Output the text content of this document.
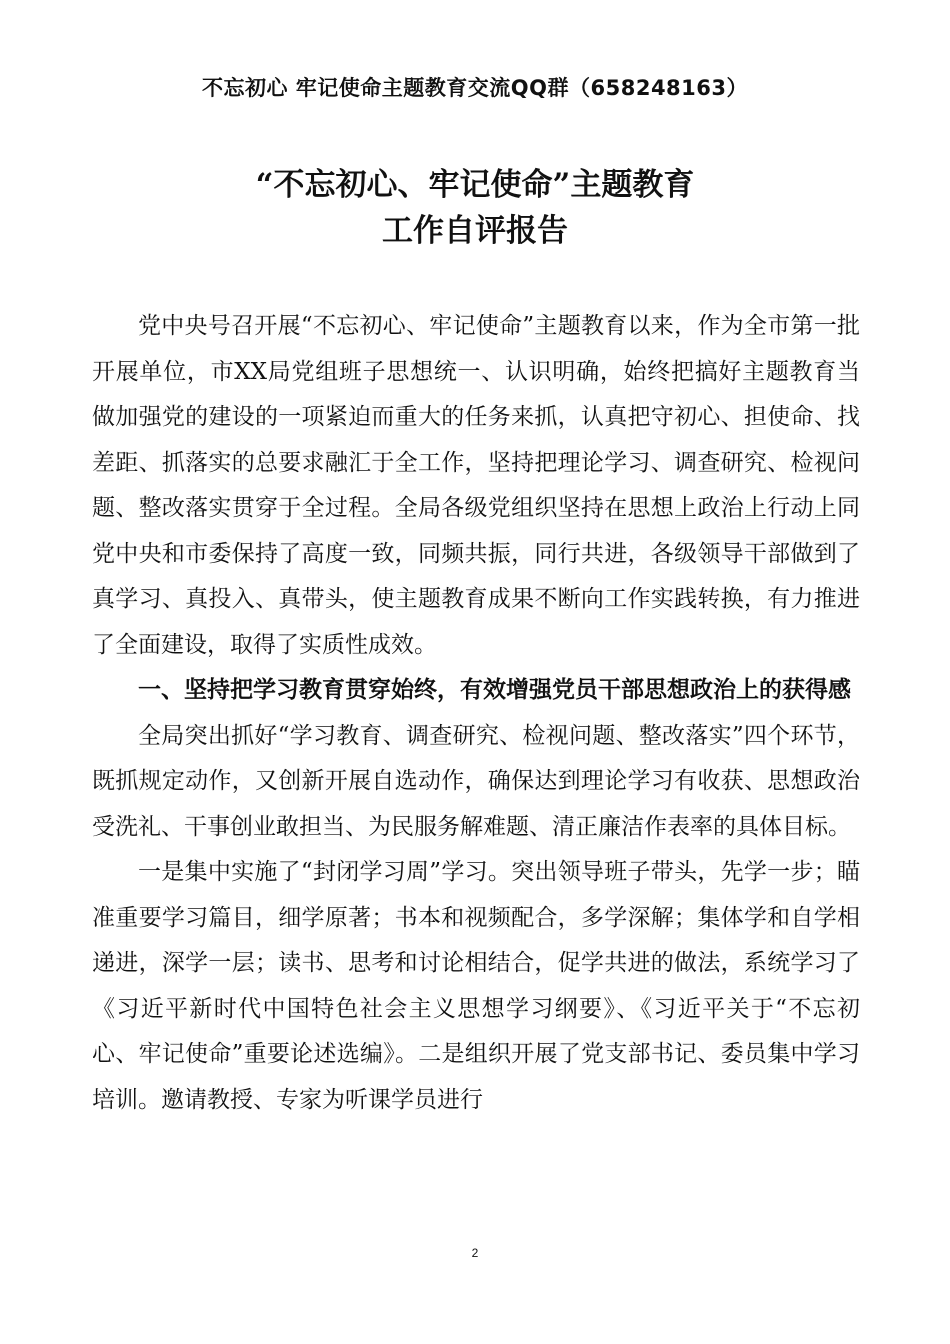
不忘初心 牢记使命主题教育交流QQ群（658248163）
“不忘初心、牢记使命”主题教育
工作自评报告

党中央号召开展“不忘初心、牢记使命”主题教育以来，作为全市第一批开展单位，市XX局党组班子思想统一、认识明确，始终把搞好主题教育当做加强党的建设的一项紧迫而重大的任务来抓，认真把守初心、担使命、找差距、抓落实的总要求融汇于全工作，坚持把理论学习、调查研究、检视问题、整改落实贯穿于全过程。全局各级党组织坚持在思想上政治上行动上同党中央和市委保持了高度一致，同频共振，同行共进，各级领导干部做到了真学习、真投入、真带头，使主题教育成果不断向工作实践转换，有力推进了全面建设，取得了实质性成效。

一、坚持把学习教育贯穿始终，有效增强党员干部思想政治上的获得感

全局突出抓好“学习教育、调查研究、检视问题、整改落实”四个环节，既抓规定动作，又创新开展自选动作，确保达到理论学习有收获、思想政治受洗礼、干事创业敢担当、为民服务解难题、清正廉洁作表率的具体目标。

一是集中实施了“封闭学习周”学习。突出领导班子带头，先学一步；瞄准重要学习篇目，细学原著；书本和视频配合，多学深解；集体学和自学相递进，深学一层；读书、思考和讨论相结合，促学共进的做法，系统学习了《习近平新时代中国特色社会主义思想学习纲要》、《习近平关于“不忘初心、牢记使命”重要论述选编》。二是组织开展了党支部书记、委员集中学习培训。邀请教授、专家为听课学员进行

2
